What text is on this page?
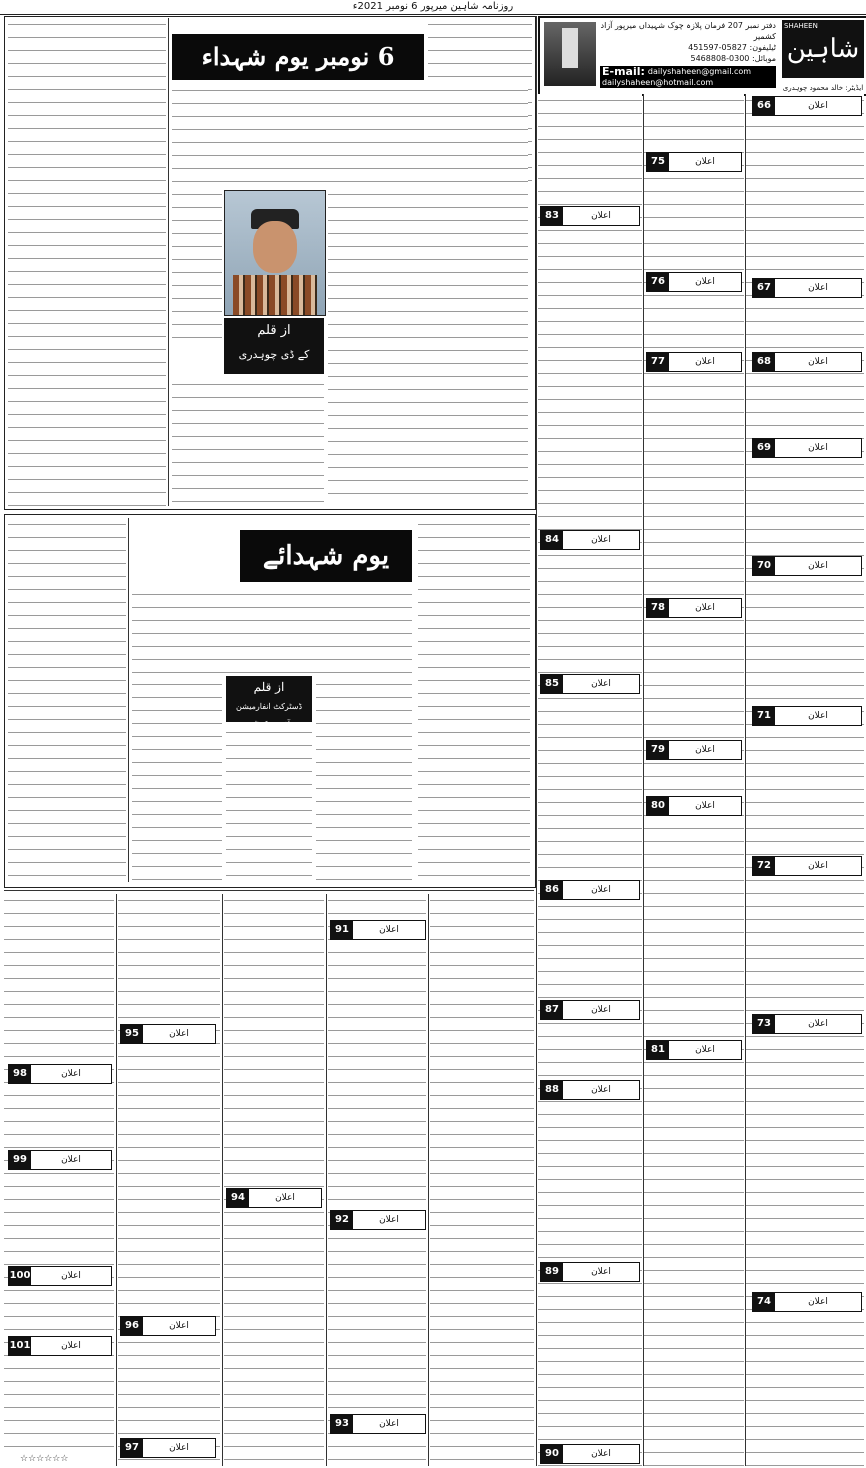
روزنامہ شاہین میرپور 6 نومبر 2021ء
SHAHEEN
شاہین
ایڈیٹر: خالد محمود چوہدری
دفتر نمبر 207 فرمان پلازہ چوک شہیداں میرپور آزاد کشمیر
ٹیلیفون: 05827-451597
موبائل: 0300-5468808
E-mail: dailyshaheen@gmail.com
dailyshaheen@hotmail.com
6 نومبر یوم شہداء
از قلم
کے ڈی چوہدری
یوم شہدائے
از قلم
ڈسٹرکٹ انفارمیشن آفیسر کوٹلی
66	اعلان
67	اعلان
68	اعلان
69	اعلان
70	اعلان
71	اعلان
72	اعلان
73	اعلان
74	اعلان
75	اعلان
76	اعلان
77	اعلان
78	اعلان
79	اعلان
80	اعلان
81	اعلان
83	اعلان
84	اعلان
85	اعلان
86	اعلان
87	اعلان
88	اعلان
89	اعلان
90	اعلان
91	اعلان
92	اعلان
93	اعلان
94	اعلان
95	اعلان
96	اعلان
97	اعلان
98	اعلان
99	اعلان
100	اعلان
101	اعلان
☆☆☆☆☆☆
